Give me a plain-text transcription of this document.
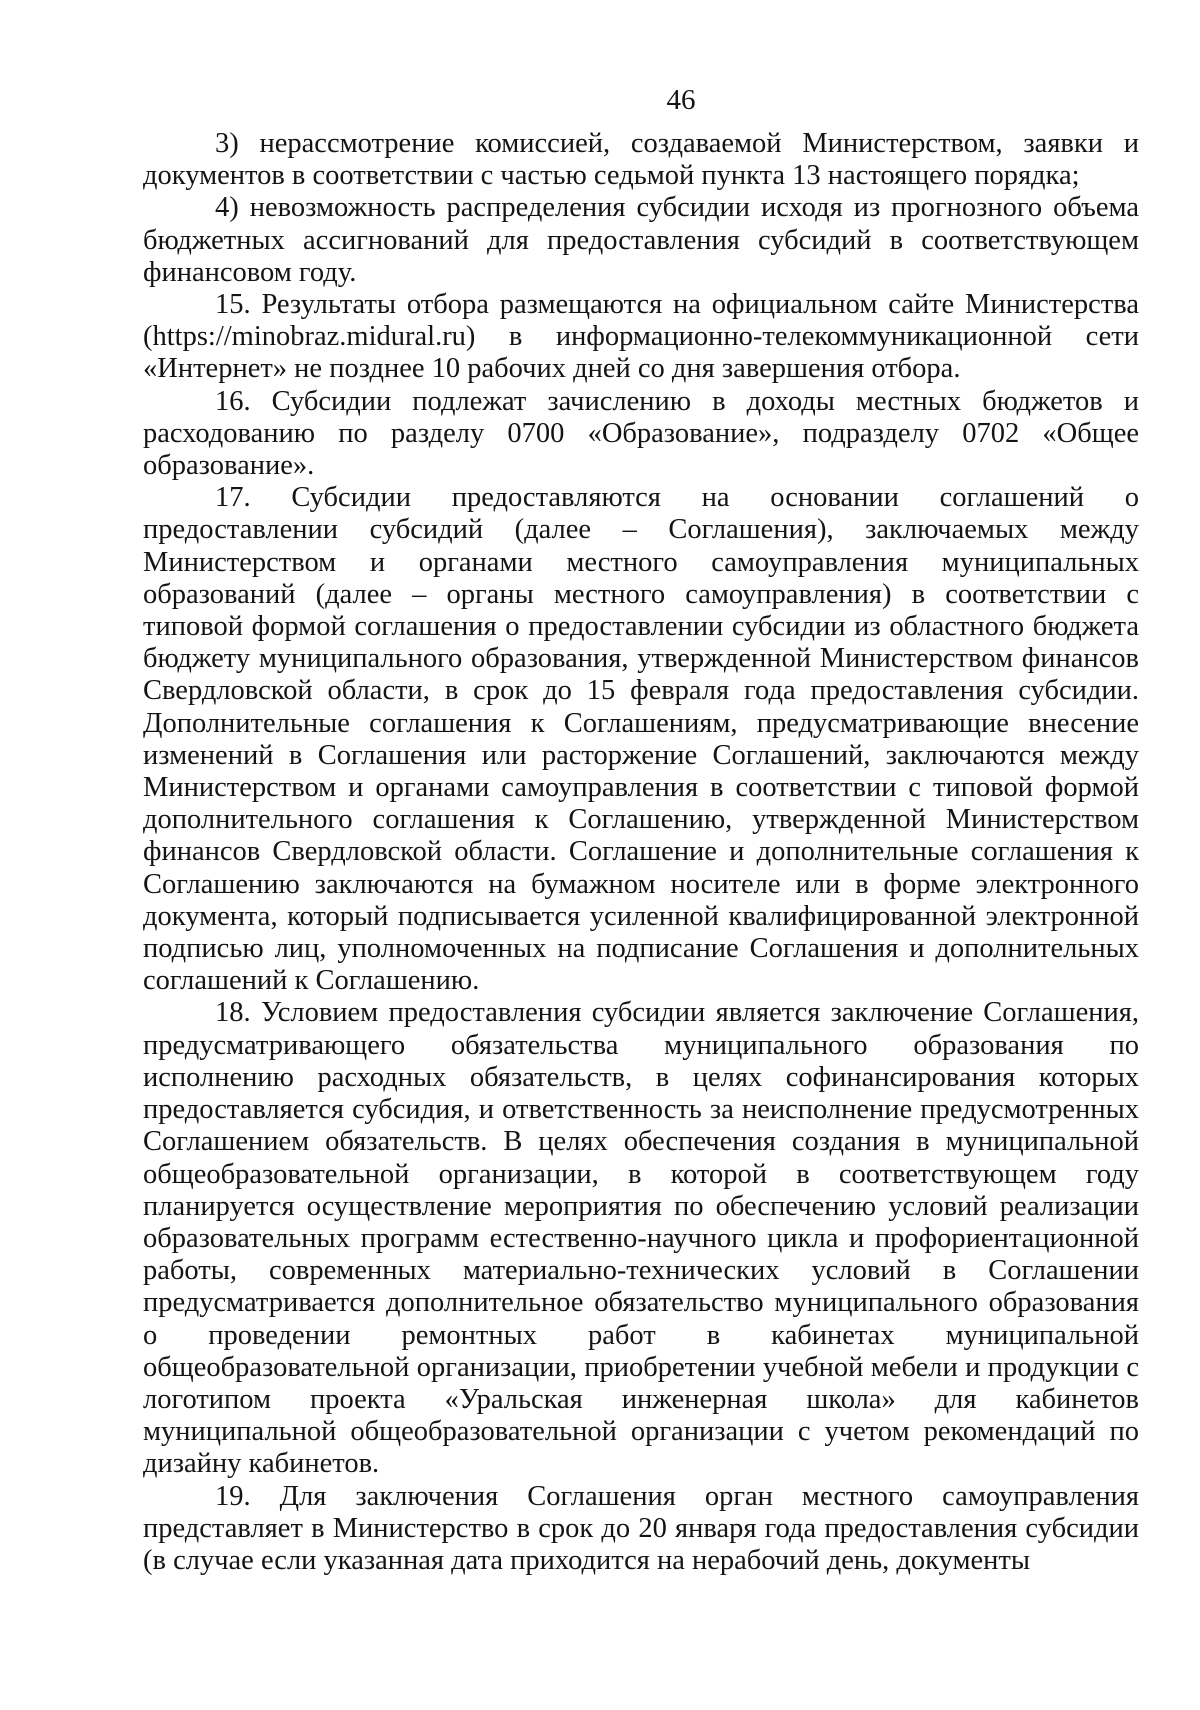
46

3) нерассмотрение комиссией, создаваемой Министерством, заявки и документов в соответствии с частью седьмой пункта 13 настоящего порядка;

4) невозможность распределения субсидии исходя из прогнозного объема бюджетных ассигнований для предоставления субсидий в соответствующем финансовом году.

15. Результаты отбора размещаются на официальном сайте Министерства (https://minobraz.midural.ru) в информационно-телекоммуникационной сети «Интернет» не позднее 10 рабочих дней со дня завершения отбора.

16. Субсидии подлежат зачислению в доходы местных бюджетов и расходованию по разделу 0700 «Образование», подразделу 0702 «Общее образование».

17. Субсидии предоставляются на основании соглашений о предоставлении субсидий (далее – Соглашения), заключаемых между Министерством и органами местного самоуправления муниципальных образований (далее – органы местного самоуправления) в соответствии с типовой формой соглашения о предоставлении субсидии из областного бюджета бюджету муниципального образования, утвержденной Министерством финансов Свердловской области, в срок до 15 февраля года предоставления субсидии. Дополнительные соглашения к Соглашениям, предусматривающие внесение изменений в Соглашения или расторжение Соглашений, заключаются между Министерством и органами самоуправления в соответствии с типовой формой дополнительного соглашения к Соглашению, утвержденной Министерством финансов Свердловской области. Соглашение и дополнительные соглашения к Соглашению заключаются на бумажном носителе или в форме электронного документа, который подписывается усиленной квалифицированной электронной подписью лиц, уполномоченных на подписание Соглашения и дополнительных соглашений к Соглашению.

18. Условием предоставления субсидии является заключение Соглашения, предусматривающего обязательства муниципального образования по исполнению расходных обязательств, в целях софинансирования которых предоставляется субсидия, и ответственность за неисполнение предусмотренных Соглашением обязательств. В целях обеспечения создания в муниципальной общеобразовательной организации, в которой в соответствующем году планируется осуществление мероприятия по обеспечению условий реализации образовательных программ естественно-научного цикла и профориентационной работы, современных материально-технических условий в Соглашении предусматривается дополнительное обязательство муниципального образования о проведении ремонтных работ в кабинетах муниципальной общеобразовательной организации, приобретении учебной мебели и продукции с логотипом проекта «Уральская инженерная школа» для кабинетов муниципальной общеобразовательной организации с учетом рекомендаций по дизайну кабинетов.

19. Для заключения Соглашения орган местного самоуправления представляет в Министерство в срок до 20 января года предоставления субсидии (в случае если указанная дата приходится на нерабочий день, документы
